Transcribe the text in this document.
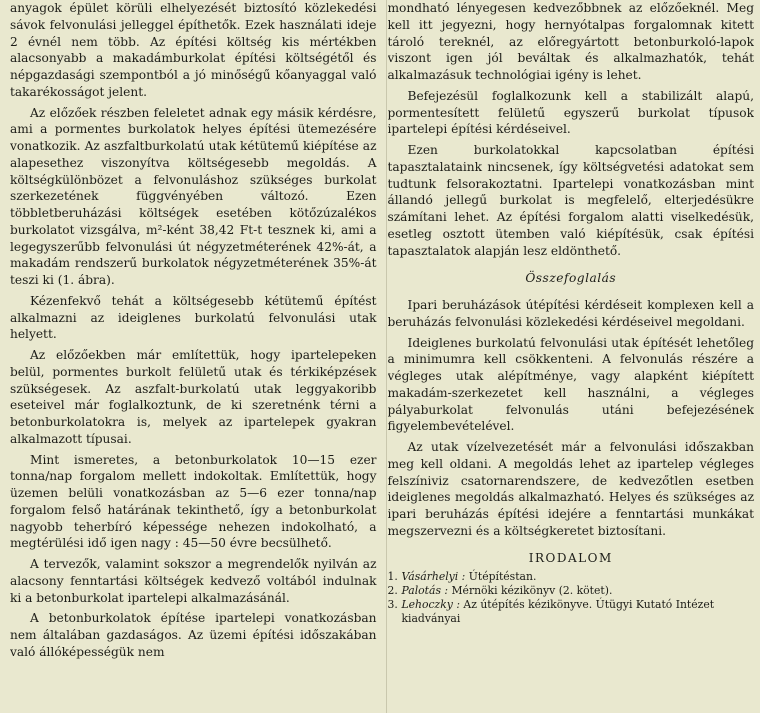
anyagok épület körüli elhelyezését biztosító közlekedési sávok felvonulási jelleggel építhetők. Ezek használati ideje 2 évnél nem több. Az építési költség kis mértékben alacsonyabb a makadámburkolat építési költségétől és népgazdasági szempontból a jó minőségű kőanyaggal való takarékosságot jelent.

Az előzőek részben feleletet adnak egy másik kérdésre, ami a pormentes burkolatok helyes építési ütemezésére vonatkozik. Az aszfaltburkolatú utak kétütemű kiépítése az alapesethez viszonyítva költségesebb megoldás. A költségkülönbözet a felvonuláshoz szükséges burkolat szerkezetének függvényében változó. Ezen többletberuházási költségek esetében kötőzúzalékos burkolatot vizsgálva, m²-ként 38,42 Ft-t tesznek ki, ami a legegyszerűbb felvonulási út négyzetméterének 42%-át, a makadám rendszerű burkolatok négyzetméterének 35%-át teszi ki (1. ábra).

Kézenfekvő tehát a költségesebb kétütemű építést alkalmazni az ideiglenes burkolatú felvonulási utak helyett.

Az előzőekben már említettük, hogy ipartelepeken belül, pormentes burkolt felületű utak és térkiképzések szükségesek. Az aszfalt-burkolatú utak leggyakoribb eseteivel már foglalkoztunk, de ki szeretnénk térni a betonburkolatokra is, melyek az ipartelepek gyakran alkalmazott típusai.

Mint ismeretes, a betonburkolatok 10—15 ezer tonna/nap forgalom mellett indokoltak. Említettük, hogy üzemen belüli vonatkozásban az 5—6 ezer tonna/nap forgalom felső határának tekinthető, így a betonburkolat nagyobb teherbíró képessége nehezen indokolható, a megtérülési idő igen nagy : 45—50 évre becsülhető.

A tervezők, valamint sokszor a megrendelők nyilván az alacsony fenntartási költségek kedvező voltából indulnak ki a betonburkolat ipartelepi alkalmazásánál.

A betonburkolatok építése ipartelepi vonatkozásban nem általában gazdaságos. Az üzemi építési időszakában való állóképességük nem

mondható lényegesen kedvezőbbnek az előzőeknél. Meg kell itt jegyezni, hogy hernyótalpas forgalomnak kitett tároló tereknél, az előregyártott betonburkoló-lapok viszont igen jól beváltak és alkalmazhatók, tehát alkalmazásuk technológiai igény is lehet.

Befejezésül foglalkozunk kell a stabilizált alapú, pormentesített felületű egyszerű burkolat típusok ipartelepi építési kérdéseivel.

Ezen burkolatokkal kapcsolatban építési tapasztalataink nincsenek, így költségvetési adatokat sem tudtunk felsorakoztatni. Ipartelepi vonatkozásban mint állandó jellegű burkolat is megfelelő, elterjedésükre számítani lehet. Az építési forgalom alatti viselkedésük, esetleg osztott ütemben való kiépítésük, csak építési tapasztalatok alapján lesz eldönthető.

Összefoglalás

Ipari beruházások útépítési kérdéseit komplexen kell a beruházás felvonulási közlekedési kérdéseivel megoldani.

Ideiglenes burkolatú felvonulási utak építését lehetőleg a minimumra kell csökkenteni. A felvonulás részére a végleges utak alépítménye, vagy alapként kiépített makadám-szerkezetet kell használni, a végleges pályaburkolat felvonulás utáni befejezésének figyelembevételével.

Az utak vízelvezetését már a felvonulási időszakban meg kell oldani. A megoldás lehet az ipartelep végleges felszíniviz csatornarendszere, de kedvezőtlen esetben ideiglenes megoldás alkalmazható. Helyes és szükséges az ipari beruházás építési idejére a fenntartási munkákat megszervezni és a költségkeretet biztosítani.

IRODALOM
1. Vásárhelyi : Útépítéstan.
2. Palotás : Mérnöki kézikönyv (2. kötet).
3. Lehoczky : Az útépítés kézikönyve. Útügyi Kutató Intézet kiadványai
